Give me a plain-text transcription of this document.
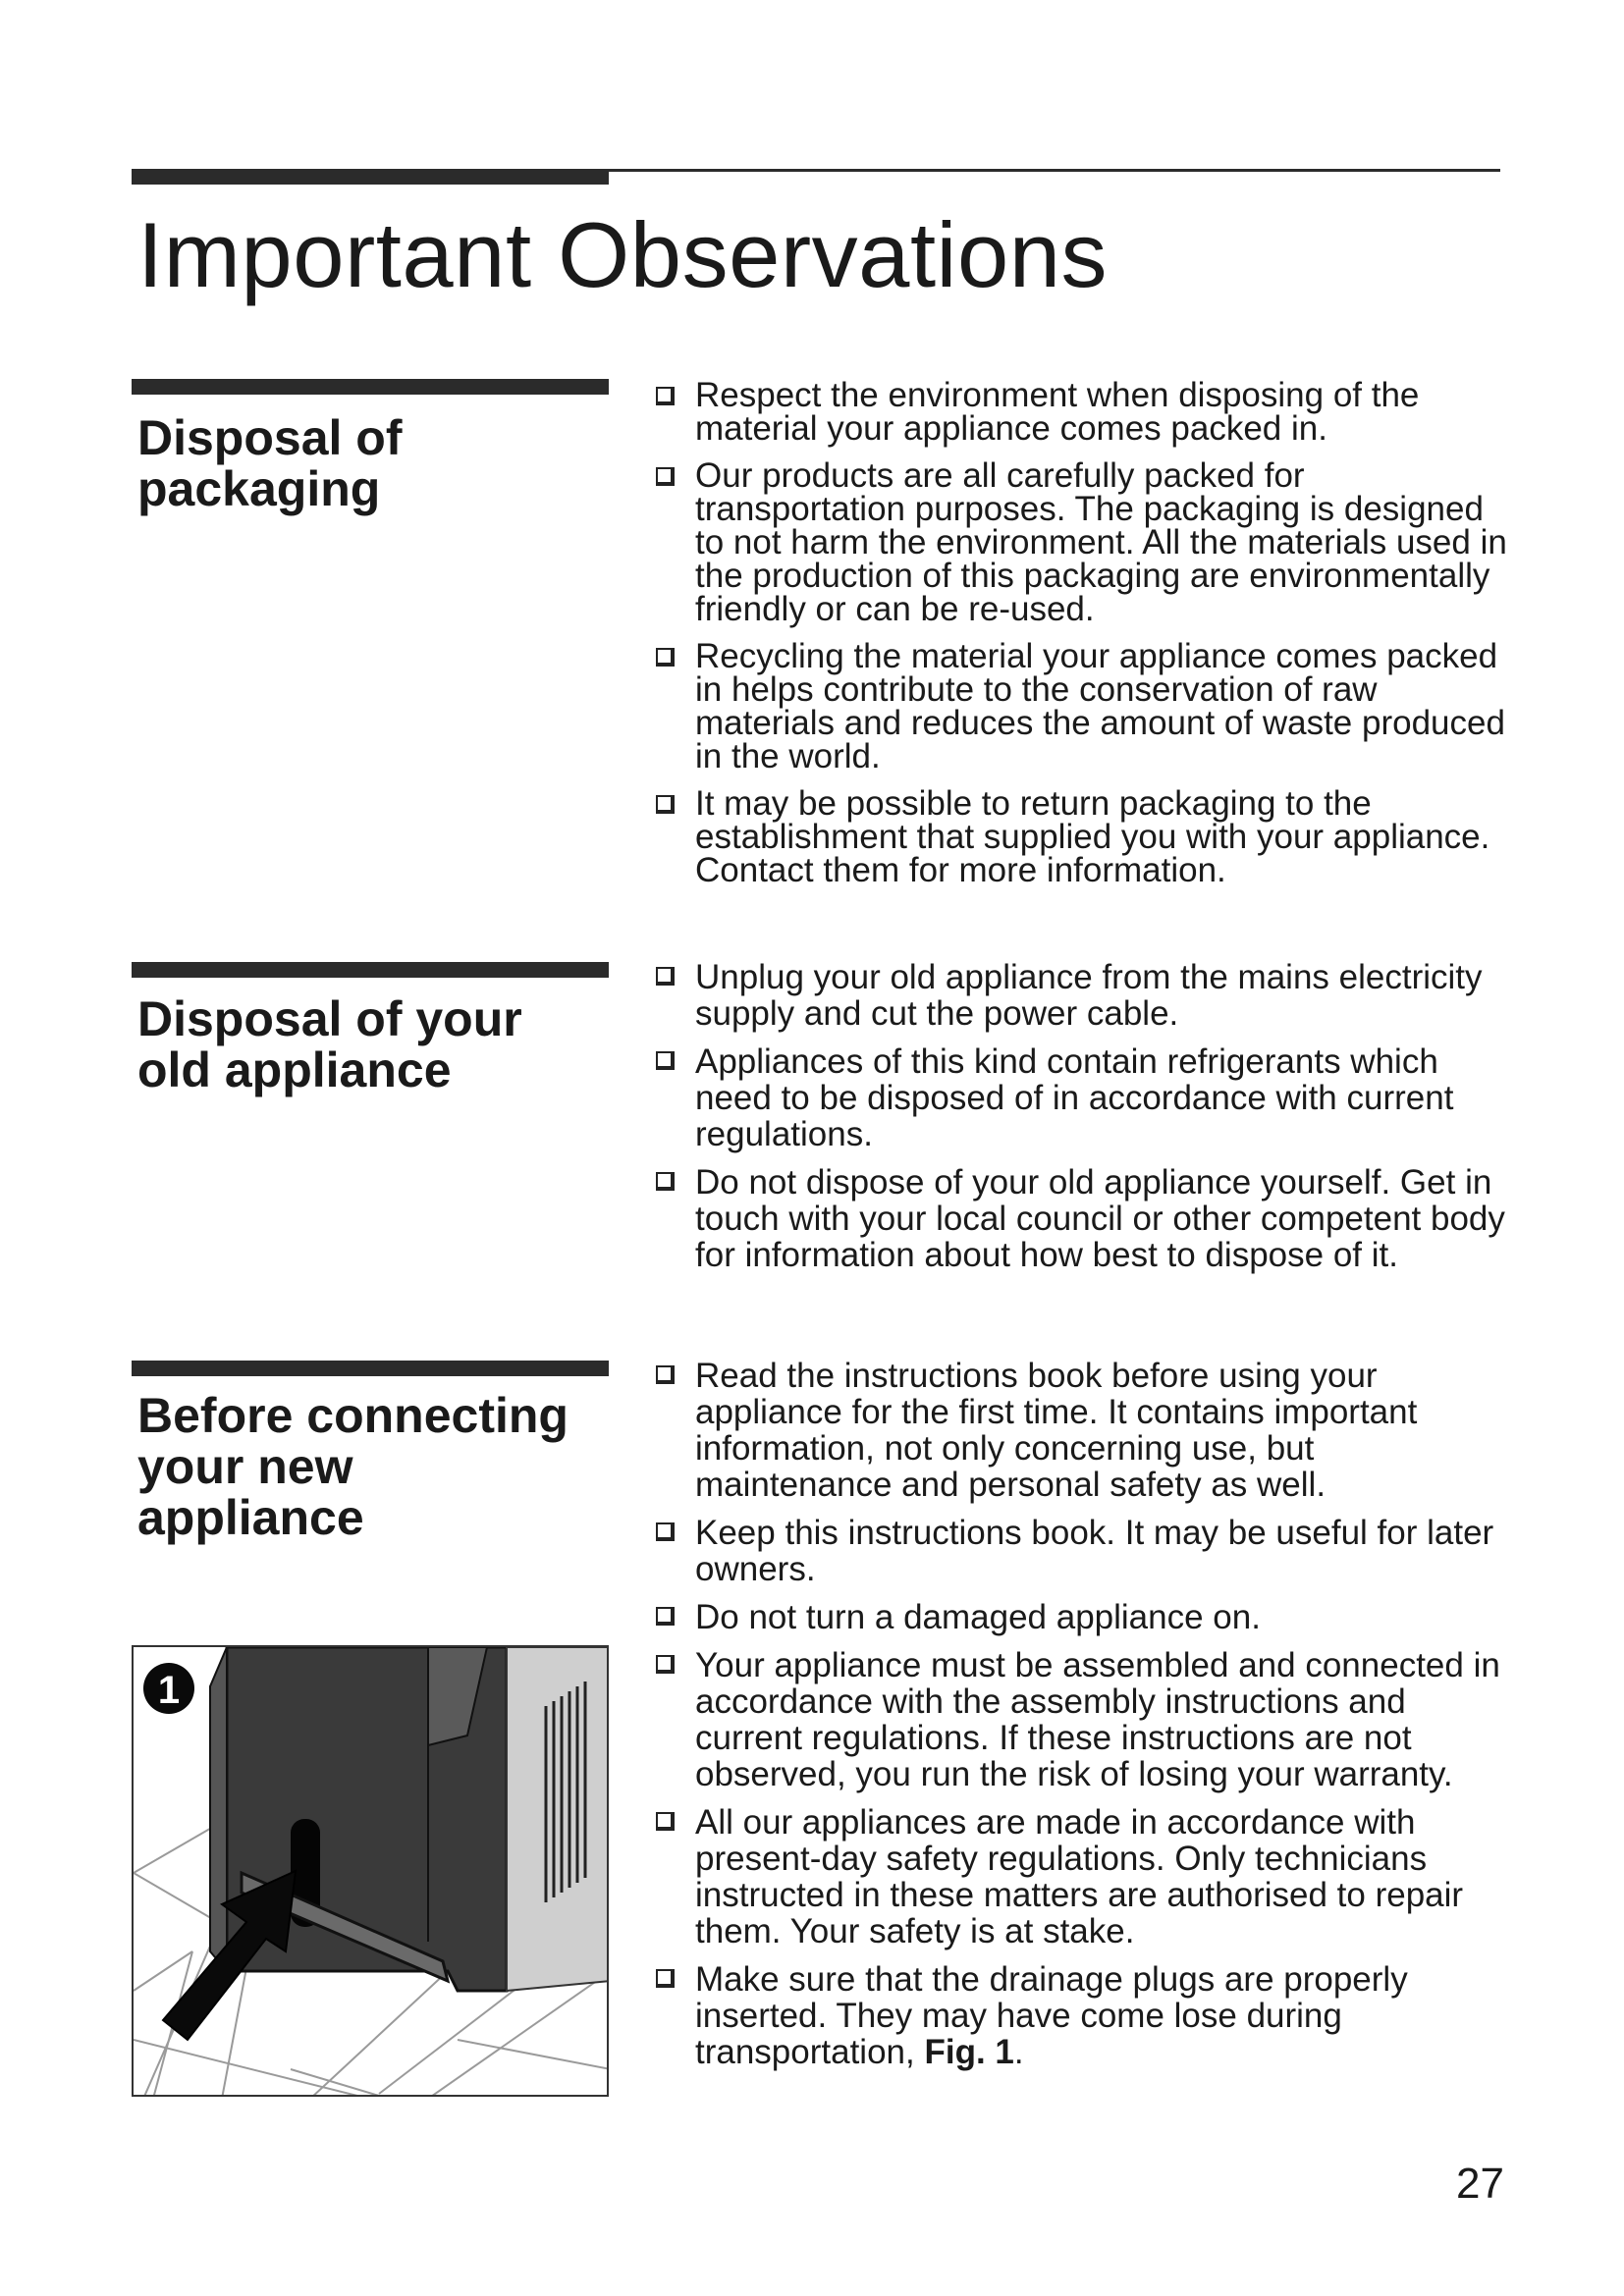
Important Observations
Disposal of
packaging
Respect the environment when disposing of the material your appliance comes packed in.
Our products are all carefully packed for transportation purposes. The packaging is designed to not harm the environment. All the materials used in the production of this packaging are environmentally friendly or can be re-used.
Recycling the material your appliance comes packed in helps contribute to the conservation of raw materials and reduces the amount of waste produced in the world.
It may be possible to return packaging to the establishment that supplied you with your appliance. Contact them for more information.
Disposal of your
old appliance
Unplug your old appliance from the mains electricity supply and cut the power cable.
Appliances of this kind contain refrigerants which need to be disposed of in accordance with current regulations.
Do not dispose of your old appliance yourself. Get in touch with your local council or other competent body for information about how best to dispose of it.
Before connecting
your new
appliance
Read the instructions book before using your appliance for the first time. It contains important information, not only concerning use, but maintenance and personal safety as well.
Keep this instructions book. It may be useful for later owners.
Do not turn a damaged appliance on.
Your appliance must be assembled and connected in accordance with the assembly instructions and current regulations. If these instructions are not observed, you run the risk of losing your warranty.
All our appliances are made in accordance with present-day safety regulations. Only technicians instructed in these matters are authorised to repair them. Your safety is at stake.
Make sure that the drainage plugs are properly inserted. They may have come lose during transportation, Fig. 1.
1
27
